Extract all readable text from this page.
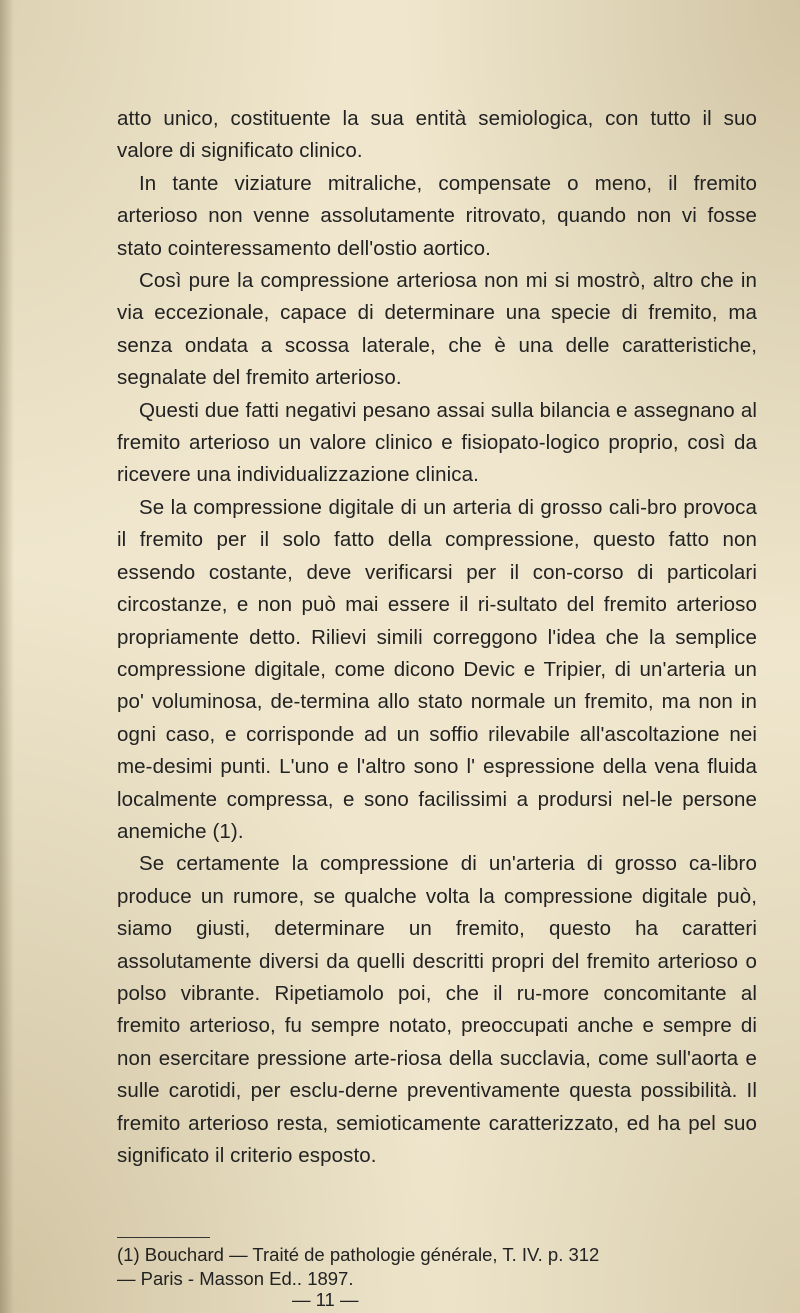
atto unico, costituente la sua entità semiologica, con tutto il suo valore di significato clinico.

In tante viziature mitraliche, compensate o meno, il fremito arterioso non venne assolutamente ritrovato, quando non vi fosse stato cointeressamento dell'ostio aortico.

Così pure la compressione arteriosa non mi si mostrò, altro che in via eccezionale, capace di determinare una specie di fremito, ma senza ondata a scossa laterale, che è una delle caratteristiche, segnalate del fremito arterioso.

Questi due fatti negativi pesano assai sulla bilancia e assegnano al fremito arterioso un valore clinico e fisiopato-logico proprio, così da ricevere una individualizzazione clinica.

Se la compressione digitale di un arteria di grosso cali-bro provoca il fremito per il solo fatto della compressione, questo fatto non essendo costante, deve verificarsi per il con-corso di particolari circostanze, e non può mai essere il ri-sultato del fremito arterioso propriamente detto. Rilievi simili correggono l'idea che la semplice compressione digitale, come dicono Devic e Tripier, di un'arteria un po' voluminosa, de-termina allo stato normale un fremito, ma non in ogni caso, e corrisponde ad un soffio rilevabile all'ascoltazione nei me-desimi punti. L'uno e l'altro sono l' espressione della vena fluida localmente compressa, e sono facilissimi a prodursi nel-le persone anemiche (1).

Se certamente la compressione di un'arteria di grosso ca-libro produce un rumore, se qualche volta la compressione digitale può, siamo giusti, determinare un fremito, questo ha caratteri assolutamente diversi da quelli descritti propri del fremito arterioso o polso vibrante. Ripetiamolo poi, che il ru-more concomitante al fremito arterioso, fu sempre notato, preoccupati anche e sempre di non esercitare pressione arte-riosa della succlavia, come sull'aorta e sulle carotidi, per esclu-derne preventivamente questa possibilità. Il fremito arterioso resta, semioticamente caratterizzato, ed ha pel suo significato il criterio esposto.

(1) Bouchard — Traité de pathologie générale, T. IV. p. 312
— Paris - Masson Ed.. 1897.
— 11 —
